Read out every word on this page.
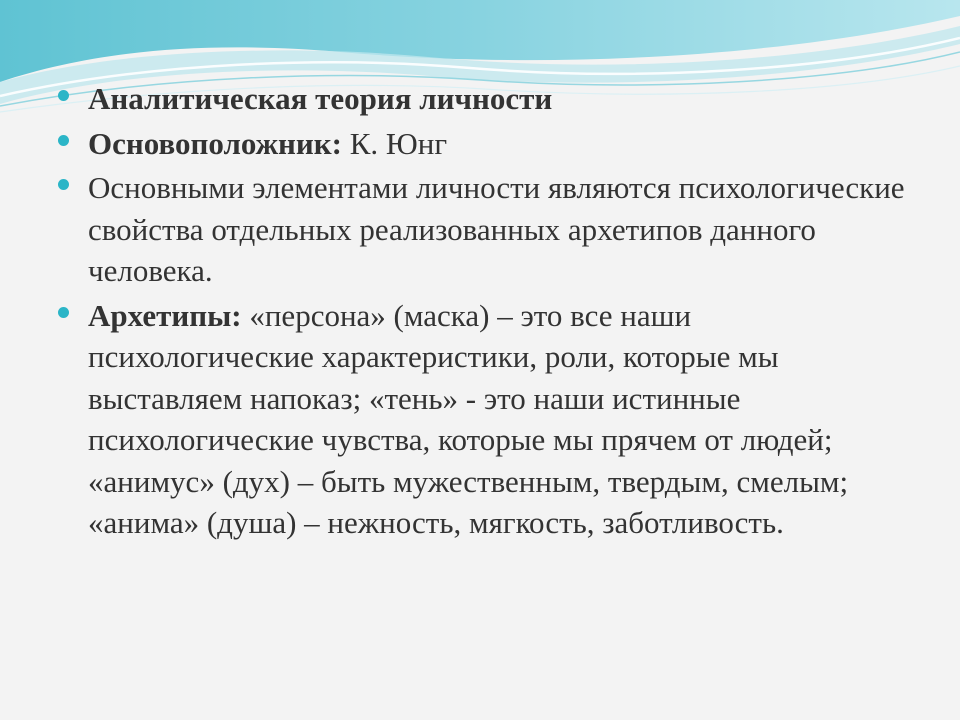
Аналитическая теория личности
Основоположник: К. Юнг
Основными элементами личности являются психологические свойства отдельных реализованных архетипов данного человека.
Архетипы: «персона» (маска) – это все наши психологические характеристики, роли, которые мы выставляем напоказ; «тень» - это наши истинные психологические чувства, которые мы прячем от людей; «анимус» (дух) – быть мужественным, твердым, смелым; «анима» (душа) – нежность, мягкость, заботливость.
